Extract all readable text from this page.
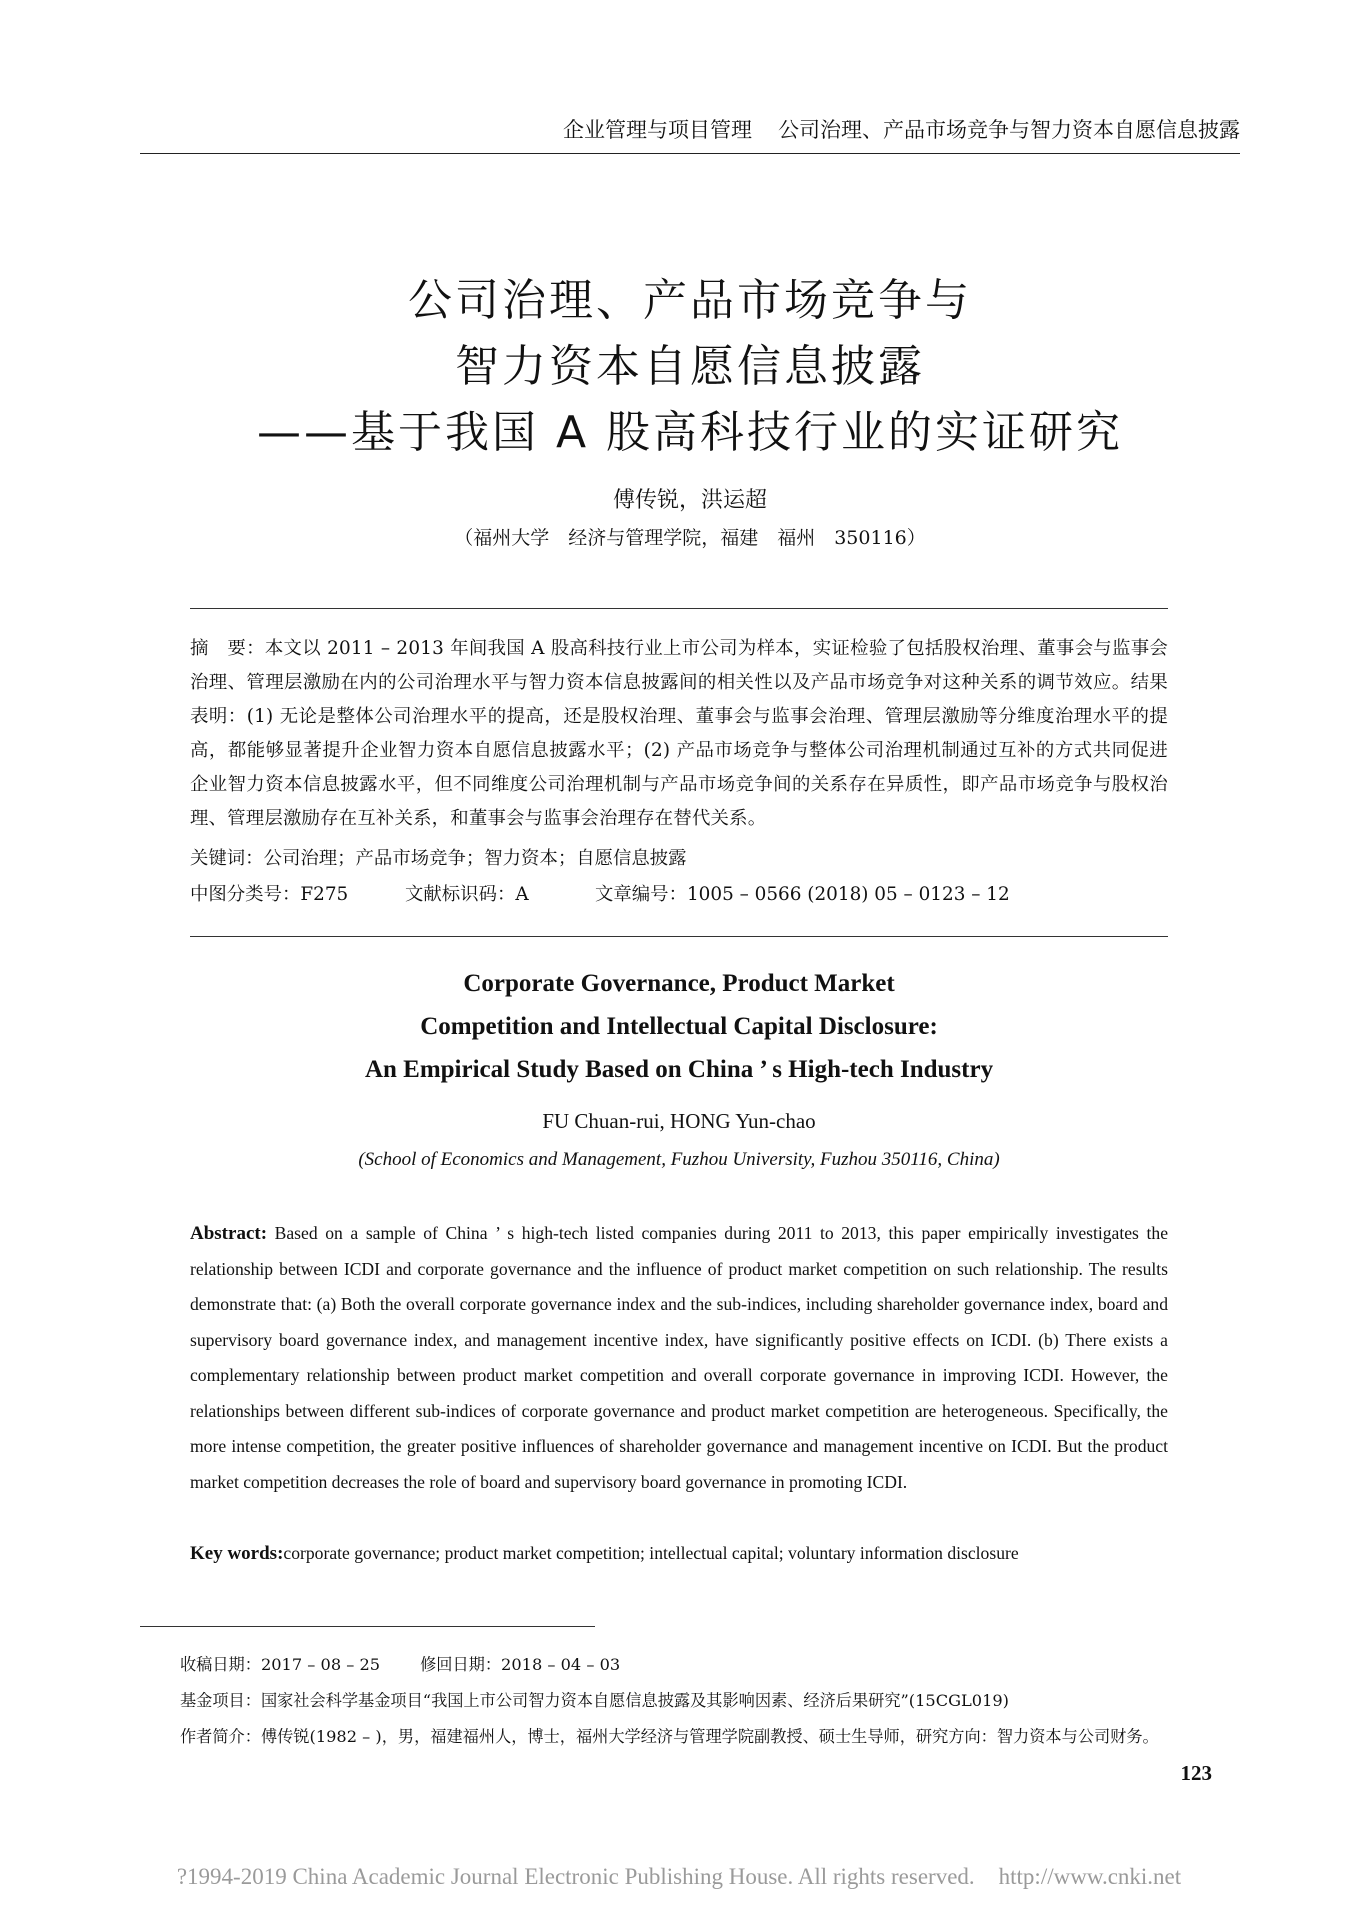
企业管理与项目管理 公司治理、产品市场竞争与智力资本自愿信息披露
公司治理、产品市场竞争与
智力资本自愿信息披露
——基于我国 A 股高科技行业的实证研究
傅传锐，洪运超
（福州大学　经济与管理学院，福建　福州　350116）
摘　要：本文以 2011 – 2013 年间我国 A 股高科技行业上市公司为样本，实证检验了包括股权治理、董事会与监事会治理、管理层激励在内的公司治理水平与智力资本信息披露间的相关性以及产品市场竞争对这种关系的调节效应。结果表明：(1) 无论是整体公司治理水平的提高，还是股权治理、董事会与监事会治理、管理层激励等分维度治理水平的提高，都能够显著提升企业智力资本自愿信息披露水平；(2) 产品市场竞争与整体公司治理机制通过互补的方式共同促进企业智力资本信息披露水平，但不同维度公司治理机制与产品市场竞争间的关系存在异质性，即产品市场竞争与股权治理、管理层激励存在互补关系，和董事会与监事会治理存在替代关系。
关键词：公司治理；产品市场竞争；智力资本；自愿信息披露
中图分类号：F275	文献标识码：A	文章编号：1005 – 0566 (2018) 05 – 0123 – 12
Corporate Governance, Product Market
Competition and Intellectual Capital Disclosure:
An Empirical Study Based on China ’ s High-tech Industry
FU Chuan-rui, HONG Yun-chao
(School of Economics and Management, Fuzhou University, Fuzhou 350116, China)
Abstract: Based on a sample of China ’ s high-tech listed companies during 2011 to 2013, this paper empirically investigates the relationship between ICDI and corporate governance and the influence of product market competition on such relationship. The results demonstrate that: (a) Both the overall corporate governance index and the sub-indices, including shareholder governance index, board and supervisory board governance index, and management incentive index, have significantly positive effects on ICDI. (b) There exists a complementary relationship between product market competition and overall corporate governance in improving ICDI. However, the relationships between different sub-indices of corporate governance and product market competition are heterogeneous. Specifically, the more intense competition, the greater positive influences of shareholder governance and management incentive on ICDI. But the product market competition decreases the role of board and supervisory board governance in promoting ICDI.
Key words:corporate governance; product market competition; intellectual capital; voluntary information disclosure
收稿日期：2017 – 08 – 25 修回日期：2018 – 04 – 03
基金项目：国家社会科学基金项目“我国上市公司智力资本自愿信息披露及其影响因素、经济后果研究”(15CGL019)
作者简介：傅传锐(1982 – )，男，福建福州人，博士，福州大学经济与管理学院副教授、硕士生导师，研究方向：智力资本与公司财务。
123
?1994-2019 China Academic Journal Electronic Publishing House. All rights reserved. http://www.cnki.net
